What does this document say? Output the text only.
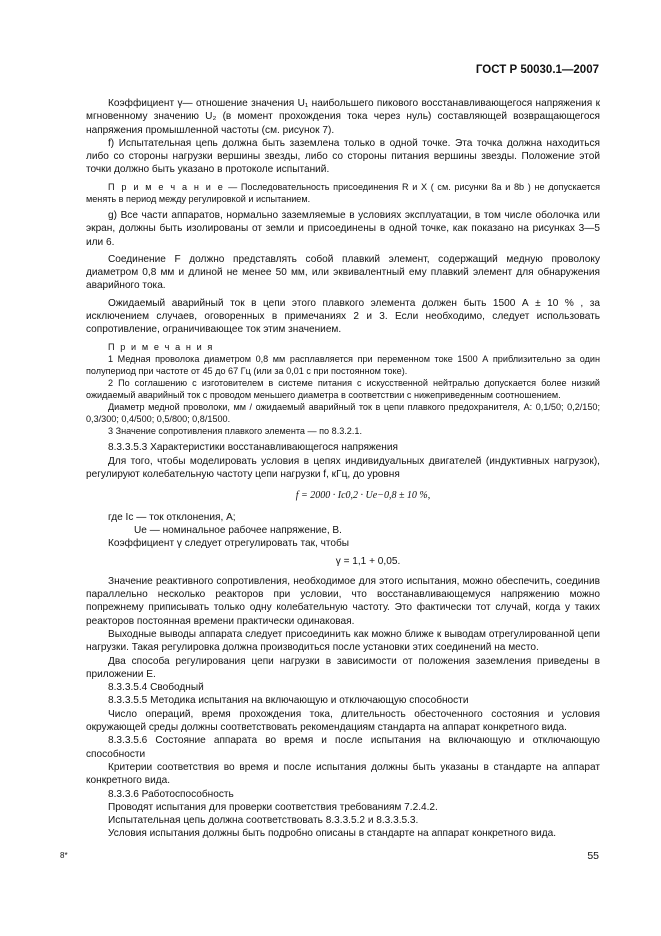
ГОСТ Р 50030.1—2007

Коэффициент γ— отношение значения U₁ наибольшего пикового восстанавливающегося напряжения к мгновенному значению U₂ (в момент прохождения тока через нуль) составляющей возвращающегося напряжения промышленной частоты (см. рисунок 7).

f) Испытательная цепь должна быть заземлена только в одной точке. Эта точка должна находиться либо со стороны нагрузки вершины звезды, либо со стороны питания вершины звезды. Положение этой точки должно быть указано в протоколе испытаний.

П р и м е ч а н и е — Последовательность присоединения R и X ( см. рисунки 8а и 8b ) не допускается менять в период между регулировкой и испытанием.

g) Все части аппаратов, нормально заземляемые в условиях эксплуатации, в том числе оболочка или экран, должны быть изолированы от земли и присоединены в одной точке, как показано на рисунках 3—5 или 6.

Соединение F должно представлять собой плавкий элемент, содержащий медную проволоку диаметром 0,8 мм и длиной не менее 50 мм, или эквивалентный ему плавкий элемент для обнаружения аварийного тока.

Ожидаемый аварийный ток в цепи этого плавкого элемента должен быть 1500 А ± 10 % , за исключением случаев, оговоренных в примечаниях 2 и 3. Если необходимо, следует использовать сопротивление, ограничивающее ток этим значением.

П р и м е ч а н и я

1 Медная проволока диаметром 0,8 мм расплавляется при переменном токе 1500 А приблизительно за один полупериод при частоте от 45 до 67 Гц (или за 0,01 с при постоянном токе).

2 По соглашению с изготовителем в системе питания с искусственной нейтралью допускается более низкий ожидаемый аварийный ток с проводом меньшего диаметра в соответствии с нижеприведенным соотношением.

Диаметр медной проволоки, мм / ожидаемый аварийный ток в цепи плавкого предохранителя, А: 0,1/50; 0,2/150; 0,3/300; 0,4/500; 0,5/800; 0,8/1500.

3 Значение сопротивления плавкого элемента — по 8.3.2.1.

8.3.3.5.3 Характеристики восстанавливающегося напряжения

Для того, чтобы моделировать условия в цепях индивидуальных двигателей (индуктивных нагрузок), регулируют колебательную частоту цепи нагрузки f, кГц, до уровня

f = 2000 · Iс0,2 · Uе−0,8 ± 10 %,

где Iс — ток отклонения, А;

Uе — номинальное рабочее напряжение, В.

Коэффициент γ следует отрегулировать так, чтобы

γ = 1,1 + 0,05.

Значение реактивного сопротивления, необходимое для этого испытания, можно обеспечить, соединив параллельно несколько реакторов при условии, что восстанавливающемуся напряжению можно попрежнему приписывать только одну колебательную частоту. Это фактически тот случай, когда у таких реакторов постоянная времени практически одинаковая.

Выходные выводы аппарата следует присоединить как можно ближе к выводам отрегулированной цепи нагрузки. Такая регулировка должна производиться после установки этих соединений на место.

Два способа регулирования цепи нагрузки в зависимости от положения заземления приведены в приложении Е.

8.3.3.5.4 Свободный

8.3.3.5.5 Методика испытания на включающую и отключающую способности

Число операций, время прохождения тока, длительность обесточенного состояния и условия окружающей среды должны соответствовать рекомендациям стандарта на аппарат конкретного вида.

8.3.3.5.6 Состояние аппарата во время и после испытания на включающую и отключающую способности

Критерии соответствия во время и после испытания должны быть указаны в стандарте на аппарат конкретного вида.

8.3.3.6 Работоспособность

Проводят испытания для проверки соответствия требованиям 7.2.4.2.

Испытательная цепь должна соответствовать 8.3.3.5.2 и 8.3.3.5.3.

Условия испытания должны быть подробно описаны в стандарте на аппарат конкретного вида.

8*	55
